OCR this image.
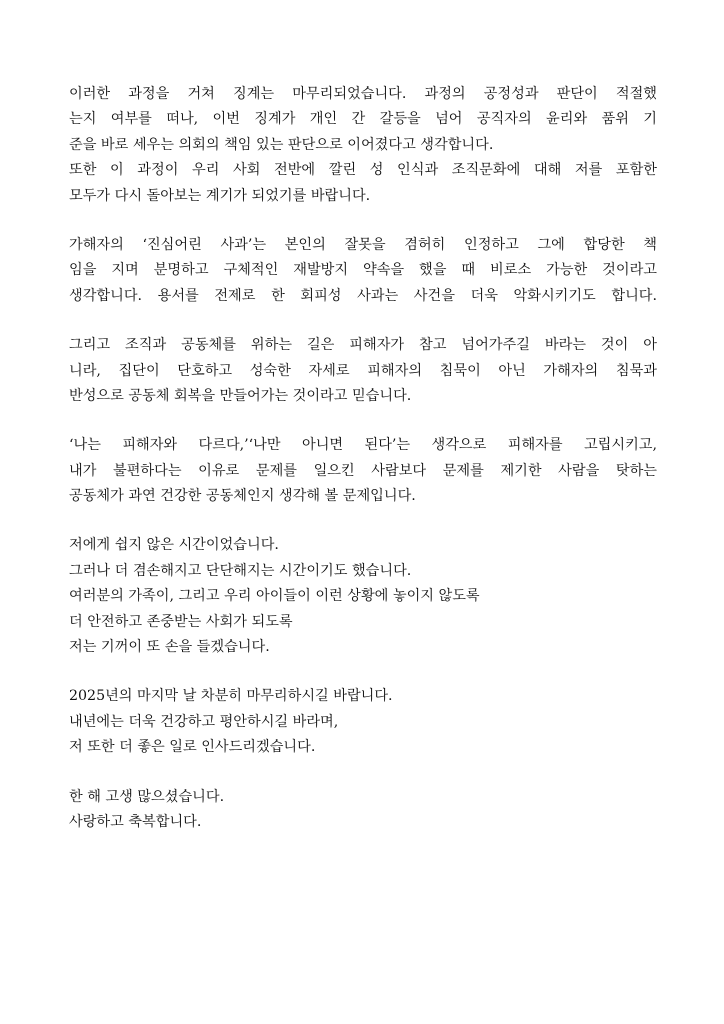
이러한 과정을 거쳐 징계는 마무리되었습니다. 과정의 공정성과 판단이 적절했
는지 여부를 떠나, 이번 징계가 개인 간 갈등을 넘어 공직자의 윤리와 품위 기
준을 바로 세우는 의회의 책임 있는 판단으로 이어졌다고 생각합니다.
또한 이 과정이 우리 사회 전반에 깔린 성 인식과 조직문화에 대해 저를 포함한
모두가 다시 돌아보는 계기가 되었기를 바랍니다.
가해자의 ‘진심어린 사과’는 본인의 잘못을 겸허히 인정하고 그에 합당한 책
임을 지며 분명하고 구체적인 재발방지 약속을 했을 때 비로소 가능한 것이라고
생각합니다. 용서를 전제로 한 회피성 사과는 사건을 더욱 악화시키기도 합니다.
그리고 조직과 공동체를 위하는 길은 피해자가 참고 넘어가주길 바라는 것이 아
니라, 집단이 단호하고 성숙한 자세로 피해자의 침묵이 아닌 가해자의 침묵과
반성으로 공동체 회복을 만들어가는 것이라고 믿습니다.
‘나는 피해자와 다르다,’‘나만 아니면 된다’는 생각으로 피해자를 고립시키고,
내가 불편하다는 이유로 문제를 일으킨 사람보다 문제를 제기한 사람을 탓하는
공동체가 과연 건강한 공동체인지 생각해 볼 문제입니다.
저에게 쉽지 않은 시간이었습니다.
그러나 더 겸손해지고 단단해지는 시간이기도 했습니다.
여러분의 가족이, 그리고 우리 아이들이 이런 상황에 놓이지 않도록
더 안전하고 존중받는 사회가 되도록
저는 기꺼이 또 손을 들겠습니다.
2025년의 마지막 날 차분히 마무리하시길 바랍니다.
내년에는 더욱 건강하고 평안하시길 바라며,
저 또한 더 좋은 일로 인사드리겠습니다.
한 해 고생 많으셨습니다.
사랑하고 축복합니다.
